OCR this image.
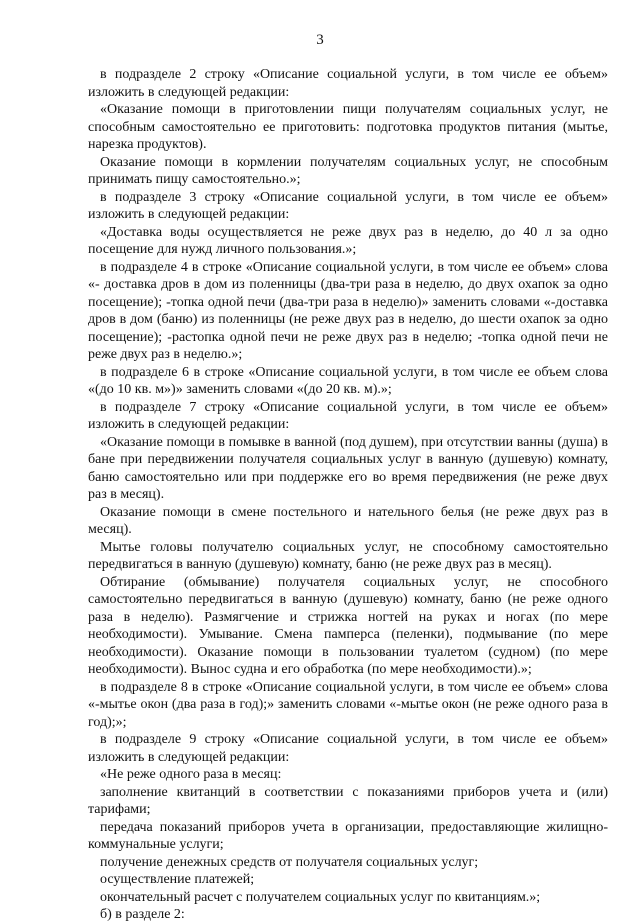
3

в подразделе 2 строку «Описание социальной услуги, в том числе ее объем» изложить в следующей редакции:

«Оказание помощи в приготовлении пищи получателям социальных услуг, не способным самостоятельно ее приготовить: подготовка продуктов питания (мытье, нарезка продуктов).

Оказание помощи в кормлении получателям социальных услуг, не способным принимать пищу самостоятельно.»;

в подразделе 3 строку «Описание социальной услуги, в том числе ее объем» изложить в следующей редакции:

«Доставка воды осуществляется не реже двух раз в неделю, до 40 л за одно посещение для нужд личного пользования.»;

в подразделе 4 в строке «Описание социальной услуги, в том числе ее объем» слова «- доставка дров в дом из поленницы (два-три раза в неделю, до двух охапок за одно посещение); -топка одной печи (два-три раза в неделю)» заменить словами «-доставка дров в дом (баню) из поленницы (не реже двух раз в неделю, до шести охапок за одно посещение); -растопка одной печи не реже двух раз в неделю; -топка одной печи не реже двух раз в неделю.»;

в подразделе 6 в строке «Описание социальной услуги, в том числе ее объем слова «(до 10 кв. м»)» заменить словами «(до 20 кв. м).»;

в подразделе 7 строку «Описание социальной услуги, в том числе ее объем» изложить в следующей редакции:

«Оказание помощи в помывке в ванной (под душем), при отсутствии ванны (душа) в бане при передвижении получателя социальных услуг в ванную (душевую) комнату, баню самостоятельно или при поддержке его во время передвижения (не реже двух раз в месяц).

Оказание помощи в смене постельного и нательного белья (не реже двух раз в месяц).

Мытье головы получателю социальных услуг, не способному самостоятельно передвигаться в ванную (душевую) комнату, баню (не реже двух раз в месяц).

Обтирание (обмывание) получателя социальных услуг, не способного самостоятельно передвигаться в ванную (душевую) комнату, баню (не реже одного раза в неделю). Размягчение и стрижка ногтей на руках и ногах (по мере необходимости). Умывание. Смена памперса (пеленки), подмывание (по мере необходимости). Оказание помощи в пользовании туалетом (судном) (по мере необходимости). Вынос судна и его обработка (по мере необходимости).»;

в подразделе 8 в строке «Описание социальной услуги, в том числе ее объем» слова «-мытье окон (два раза в год);» заменить словами «-мытье окон (не реже одного раза в год);»;

в подразделе 9 строку «Описание социальной услуги, в том числе ее объем» изложить в следующей редакции:

«Не реже одного раза в месяц:

заполнение квитанций в соответствии с показаниями приборов учета и (или) тарифами;

передача показаний приборов учета в организации, предоставляющие жилищно-коммунальные услуги;

получение денежных средств от получателя социальных услуг;

осуществление платежей;

окончательный расчет с получателем социальных услуг по квитанциям.»;

б) в разделе 2:
